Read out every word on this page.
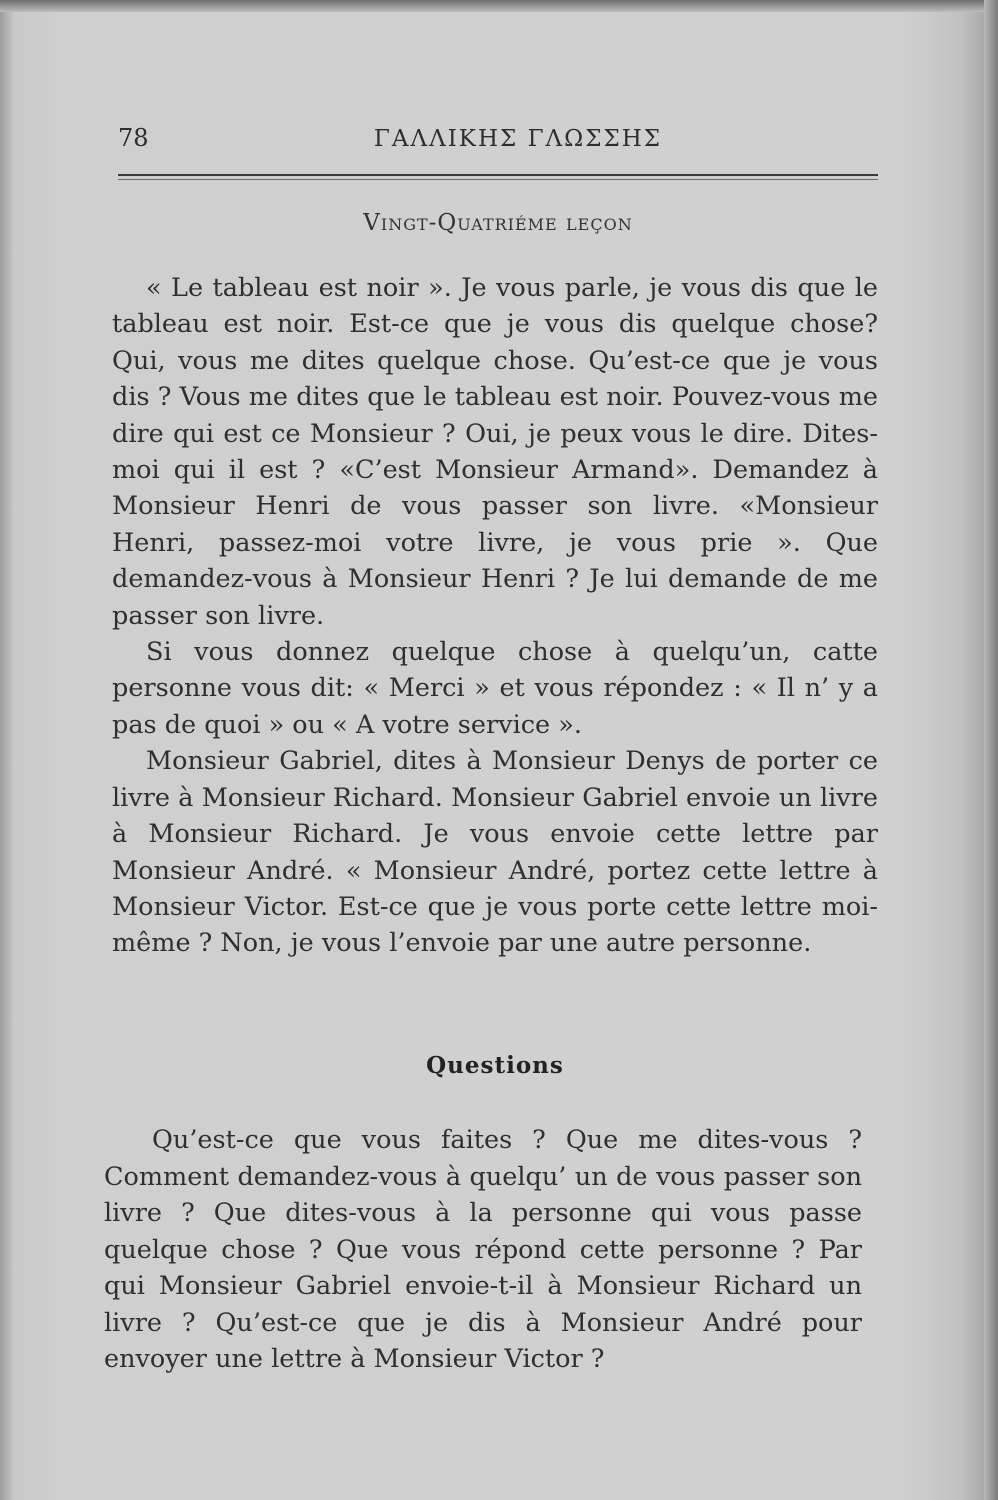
78	ΓΑΛΛΙΚΗΣ ΓΛΩΣΣΗΣ
Vingt-Quatriéme leçon

« Le tableau est noir ». Je vous parle, je vous dis que le tableau est noir. Est-ce que je vous dis quelque chose? Qui, vous me dites quelque chose. Qu’est-ce que je vous dis ? Vous me dites que le tableau est noir. Pouvez-vous me dire qui est ce Monsieur ? Oui, je peux vous le dire. Dites-moi qui il est ? «C’est Monsieur Armand». Demandez à Monsieur Henri de vous passer son livre. «Monsieur Henri, passez-moi votre livre, je vous prie ». Que demandez-vous à Monsieur Henri ? Je lui demande de me passer son livre.

Si vous donnez quelque chose à quelqu’un, catte personne vous dit: « Merci » et vous répondez : « Il n’ y a pas de quoi » ou « A votre service ».

Monsieur Gabriel, dites à Monsieur Denys de porter ce livre à Monsieur Richard. Monsieur Gabriel envoie un livre à Monsieur Richard. Je vous envoie cette lettre par Monsieur André. « Monsieur André, portez cette lettre à Monsieur Victor. Est-ce que je vous porte cette lettre moi-même ? Non, je vous l’envoie par une autre personne.

Questions

Qu’est-ce que vous faites ? Que me dites-vous ? Comment demandez-vous à quelqu’ un de vous passer son livre ? Que dites-vous à la personne qui vous passe quelque chose ? Que vous répond cette personne ? Par qui Monsieur Gabriel envoie-t-il à Monsieur Richard un livre ? Qu’est-ce que je dis à Monsieur André pour envoyer une lettre à Monsieur Victor ?
